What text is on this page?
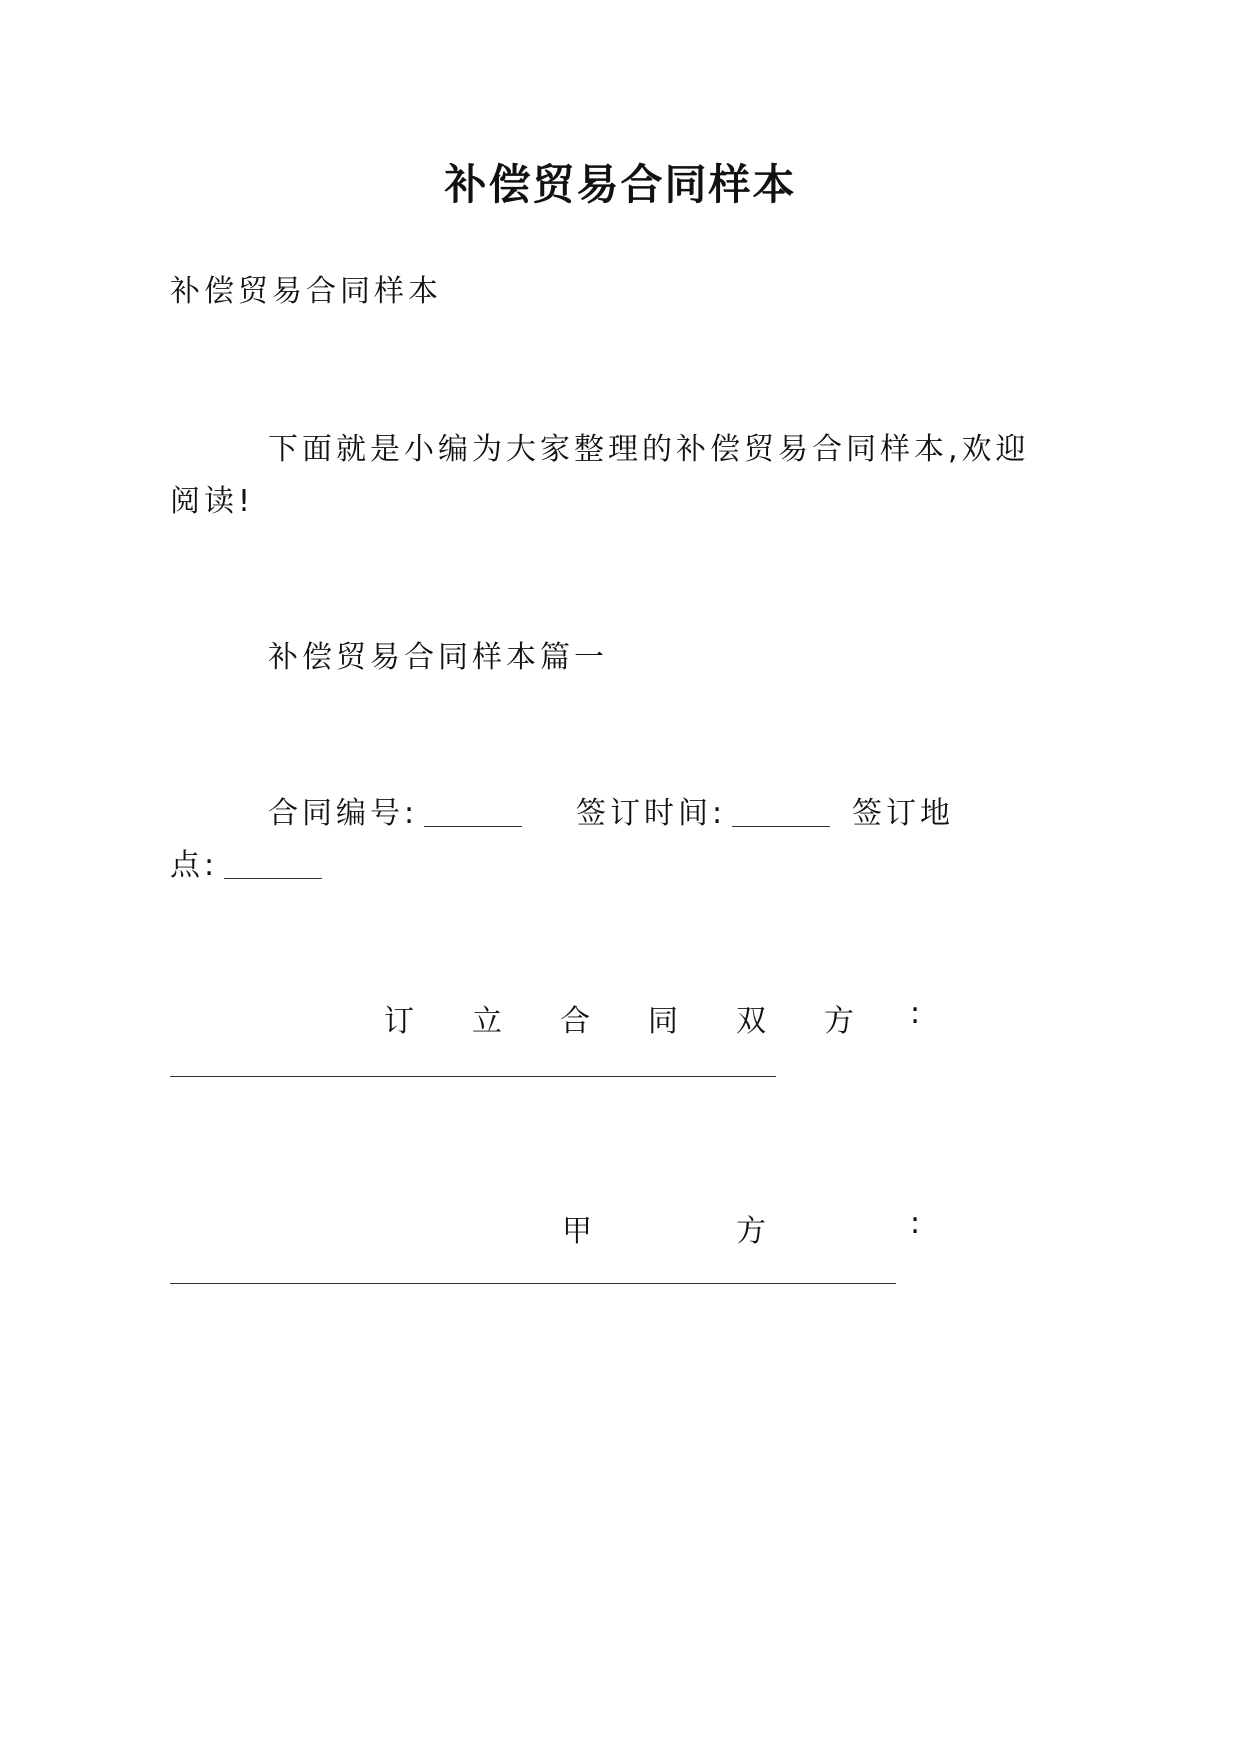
补偿贸易合同样本
补偿贸易合同样本
下面就是小编为大家整理的补偿贸易合同样本,欢迎
阅读!
补偿贸易合同样本篇一
合同编号:	签订时间:	签订地
点:
订 立 合 同 双 方 :
甲	方	:
